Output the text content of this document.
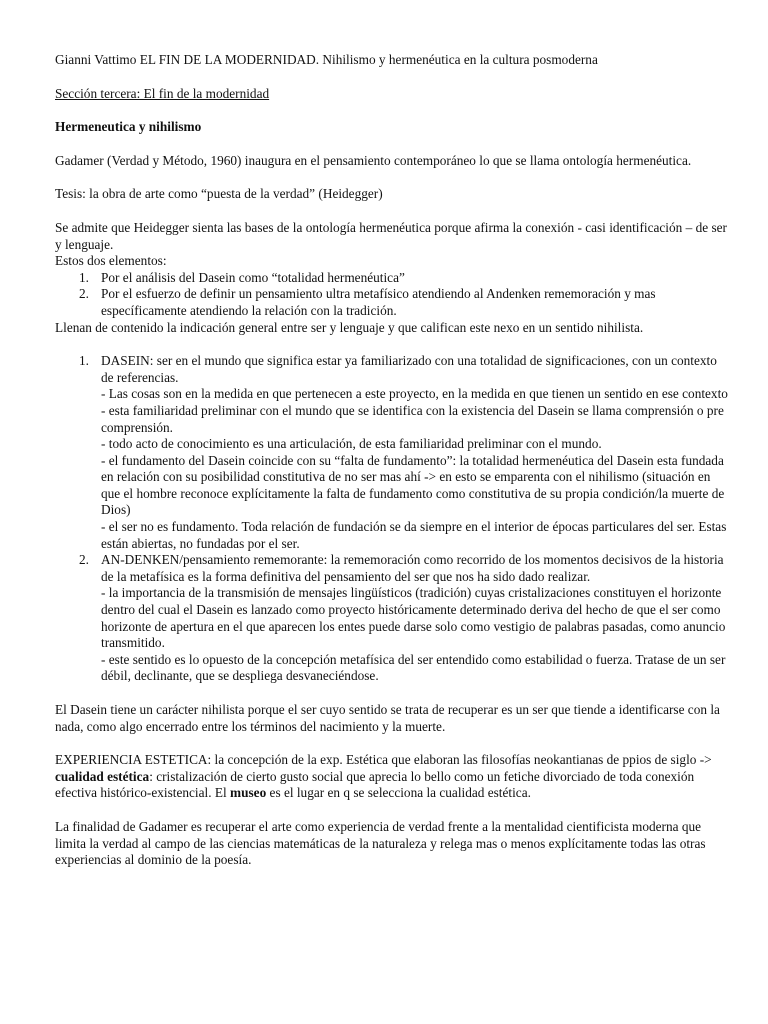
Gianni Vattimo EL FIN DE LA MODERNIDAD. Nihilismo y hermenéutica en la cultura posmoderna

Sección tercera: El fin de la modernidad

Hermeneutica y nihilismo

Gadamer (Verdad y Método, 1960) inaugura en el pensamiento contemporáneo lo que se llama ontología hermenéutica.

Tesis: la obra de arte como “puesta de la verdad” (Heidegger)

Se admite que Heidegger sienta las bases de la ontología hermenéutica porque afirma la conexión - casi identificación – de ser y lenguaje.

Estos dos elementos:

1. Por el análisis del Dasein como “totalidad hermenéutica”
2. Por el esfuerzo de definir un pensamiento ultra metafísico atendiendo al Andenken rememoración y mas específicamente atendiendo la relación con la tradición.

Llenan de contenido la indicación general entre ser y lenguaje y que califican este nexo en un sentido nihilista.

1. DASEIN: ser en el mundo que significa estar ya familiarizado con una totalidad de significaciones, con un contexto de referencias.
- Las cosas son en la medida en que pertenecen a este proyecto, en la medida en que tienen un sentido en ese contexto
- esta familiaridad preliminar con el mundo que se identifica con la existencia del Dasein se llama comprensión o pre comprensión.
- todo acto de conocimiento es una articulación, de esta familiaridad preliminar con el mundo.
- el fundamento del Dasein coincide con su “falta de fundamento”: la totalidad hermenéutica del Dasein esta fundada en relación con su posibilidad constitutiva de no ser mas ahí -> en esto se emparenta con el nihilismo (situación en que el hombre reconoce explícitamente la falta de fundamento como constitutiva de su propia condición/la muerte de Dios)
- el ser no es fundamento. Toda relación de fundación se da siempre en el interior de épocas particulares del ser. Estas están abiertas, no fundadas por el ser.
2. AN-DENKEN/pensamiento rememorante: la rememoración como recorrido de los momentos decisivos de la historia de la metafísica es la forma definitiva del pensamiento del ser que nos ha sido dado realizar.
- la importancia de la transmisión de mensajes lingüísticos (tradición) cuyas cristalizaciones constituyen el horizonte dentro del cual el Dasein es lanzado como proyecto históricamente determinado deriva del hecho de que el ser como horizonte de apertura en el que aparecen los entes puede darse solo como vestigio de palabras pasadas, como anuncio transmitido.
- este sentido es lo opuesto de la concepción metafísica del ser entendido como estabilidad o fuerza. Tratase de un ser débil, declinante, que se despliega desvaneciéndose.

El Dasein tiene un carácter nihilista porque el ser cuyo sentido se trata de recuperar es un ser que tiende a identificarse con la nada, como algo encerrado entre los términos del nacimiento y la muerte.

EXPERIENCIA ESTETICA: la concepción de la exp. Estética que elaboran las filosofías neokantianas de ppios de siglo -> cualidad estética: cristalización de cierto gusto social que aprecia lo bello como un fetiche divorciado de toda conexión efectiva histórico-existencial. El museo es el lugar en q se selecciona la cualidad estética.

La finalidad de Gadamer es recuperar el arte como experiencia de verdad frente a la mentalidad cientificista moderna que limita la verdad al campo de las ciencias matemáticas de la naturaleza y relega mas o menos explícitamente todas las otras experiencias al dominio de la poesía.
